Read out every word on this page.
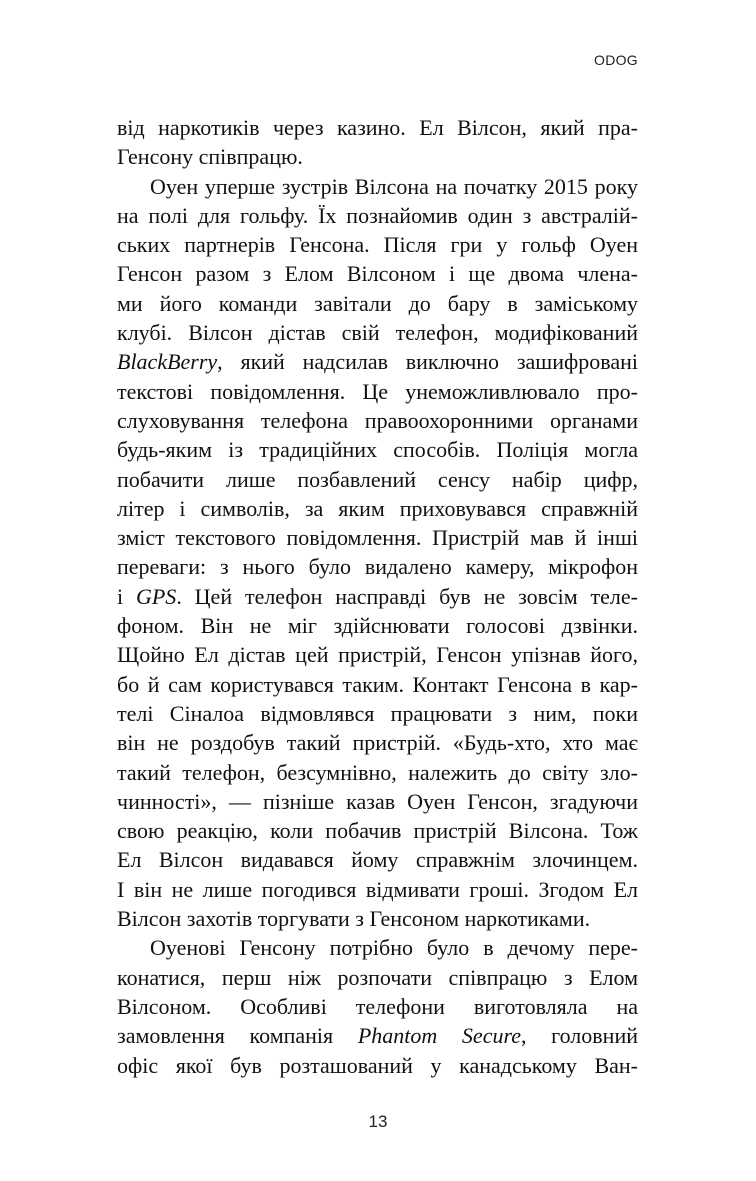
ODOG
від наркотиків через казино. Ел Вілсон, який пра-
Генсону співпрацю.
Оуен уперше зустрів Вілсона на початку 2015 року
на полі для гольфу. Їх познайомив один з австралій-
ських партнерів Генсона. Після гри у гольф Оуен
Генсон разом з Елом Вілсоном і ще двома члена-
ми його команди завітали до бару в заміському
клубі. Вілсон дістав свій телефон, модифікований
BlackBerry, який надсилав виключно зашифровані
текстові повідомлення. Це унеможливлювало про-
слуховування телефона правоохоронними органами
будь-яким із традиційних способів. Поліція могла
побачити лише позбавлений сенсу набір цифр,
літер і символів, за яким приховувався справжній
зміст текстового повідомлення. Пристрій мав й інші
переваги: з нього було видалено камеру, мікрофон
і GPS. Цей телефон насправді був не зовсім теле-
фоном. Він не міг здійснювати голосові дзвінки.
Щойно Ел дістав цей пристрій, Генсон упізнав його,
бо й сам користувався таким. Контакт Генсона в кар-
телі Сіналоа відмовлявся працювати з ним, поки
він не роздобув такий пристрій. «Будь-хто, хто має
такий телефон, безсумнівно, належить до світу зло-
чинності», — пізніше казав Оуен Генсон, згадуючи
свою реакцію, коли побачив пристрій Вілсона. Тож
Ел Вілсон видавався йому справжнім злочинцем.
І він не лише погодився відмивати гроші. Згодом Ел
Вілсон захотів торгувати з Генсоном наркотиками.
Оуенові Генсону потрібно було в дечому пере-
конатися, перш ніж розпочати співпрацю з Елом
Вілсоном. Особливі телефони виготовляла на
замовлення компанія Phantom Secure, головний
офіс якої був розташований у канадському Ван-
13
